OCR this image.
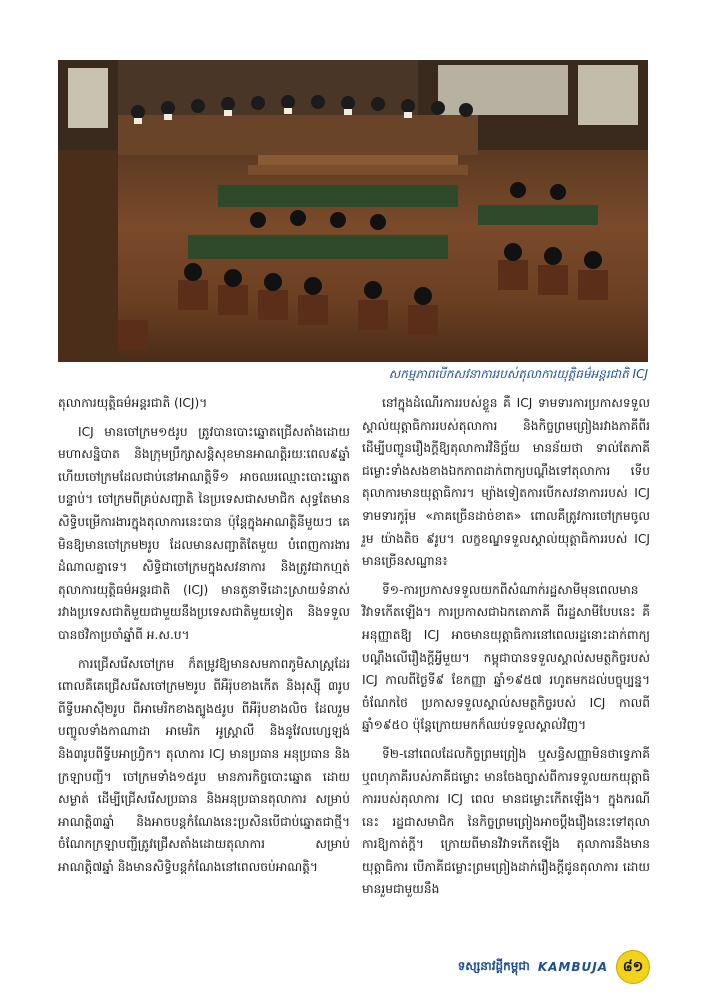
សកម្មភាពបើកសវនាការរបស់តុលាការយុត្តិធម៌អន្តរជាតិ ICJ

តុលាការយុត្តិធម៌អន្តរជាតិ (ICJ)។

ICJ មានចៅក្រម១៥រូប ត្រូវបានបោះឆ្នោតជ្រើសតាំងដោយមហាសន្និបាត និងក្រុមប្រឹក្សាសន្តិសុខមានអាណត្តិរយៈពេល៩ឆ្នាំ ហើយចៅក្រមដែលជាប់នៅអាណត្តិទី១ អាចឈរឈ្មោះបោះឆ្នោតបន្ទាប់។ ចៅក្រមពីគ្រប់សញ្ជាតិ នៃប្រទេសជាសមាជិក សុទ្ធតែមានសិទ្ធិបម្រើការងារក្នុងតុលាការនេះបាន ប៉ុន្តែក្នុងអាណត្តិនីមួយៗ គេមិនឱ្យមានចៅក្រម២រូប ដែលមានសញ្ជាតិតែមួយ បំពេញការងារដំណាលគ្នាទេ។ សិទ្ធិជាចៅក្រមក្នុងសវនាការ និងត្រូវជាកហ្មត់ តុលាការយុត្តិធម៌អន្តរជាតិ (ICJ) មានតួនាទីដោះស្រាយទំនាស់រវាងប្រទេសជាតិមួយជាមួយនឹងប្រទេសជាតិមួយទៀត និងទទួលបានថវិកាប្រចាំឆ្នាំពី អ.ស.ប។

ការជ្រើសរើសចៅក្រម ក៏តម្រូវឱ្យមានសមភាពភូមិសាស្ត្រដែរ ពោលគឺគេជ្រើសរើសចៅក្រម២រូប ពីអឺរ៉ុបខាងកើត និងរុស្ស៊ី ៣រូប ពីទ្វីបអាស៊ី២រូប ពីអាមេរិកខាងត្បូង៥រូប ពីអឺរ៉ុបខាងលិច ដែលរួមបញ្ចូលទាំងកាណាដា អាមេរិក អូស្ត្រាលី និងនូវែលហ្សេឡង់ និង៣រូបពីទ្វីបអាហ្វ្រិក។ តុលាការ ICJ មានប្រធាន អនុប្រធាន និងក្រឡាបញ្ជី។ ចៅក្រមទាំង១៥រូប មានភារកិច្ចបោះឆ្នោត ដោយសម្ងាត់ ដើម្បីជ្រើសរើសប្រធាន និងអនុប្រធានតុលាការ សម្រាប់អាណត្តិ៣ឆ្នាំ និងអាចបន្តកំណែងនេះប្រសិនបើជាប់ឆ្នោតជាថ្មី។ ចំណែកក្រឡាបញ្ជីត្រូវជ្រើសតាំងដោយតុលាការ សម្រាប់អាណត្តិ៧ឆ្នាំ និងមានសិទ្ធិបន្តកំណែងនៅពេលចប់អាណត្តិ។

នៅក្នុងដំណើរការរបស់ខ្លួន គឺ ICJ ទាមទារការប្រកាសទទួលស្គាល់យុត្តាធិការរបស់តុលាការ និងកិច្ចព្រមព្រៀងរវាងភាគីពីរ ដើម្បីបញ្ជូនរឿងក្ដីឱ្យតុលាការវិនិច្ឆ័យ មានន័យថា ទាល់តែភាគីជម្លោះទាំងសងខាងឯកភាពដាក់ពាក្យបណ្ដឹងទៅតុលាការ ទើបតុលាការមានយុត្តាធិការ។ ម្យ៉ាងទៀតការបើកសវនាការរបស់ ICJ ទាមទារកូរ៉ុម «ភាគច្រើនដាច់ខាត» ពោលគឺត្រូវការចៅក្រមចូលរួម យ៉ាងតិច ៩រូប។ លក្ខខណ្ឌទទួលស្គាល់យុត្តាធិការរបស់ ICJ មានច្រើនសណ្ឋាន៖

ទី១-ការប្រកាសទទួលយកពីសំណាក់រដ្ឋសាមីមុនពេលមានវិវាទកើតឡើង។ ការប្រកាសជាឯកតោភាគី ពីរដ្ឋសាមីបែបនេះ គឺអនុញ្ញាតឱ្យ ICJ អាចមានយុត្តាធិការនៅពេលរដ្ឋនោះដាក់ពាក្យបណ្ដឹងលើរឿងក្ដីអ្វីមួយ។ កម្ពុជាបានទទួលស្គាល់សមត្ថកិច្ចរបស់ ICJ កាលពីថ្ងៃទី៩ ខែកញ្ញា ឆ្នាំ១៩៥៧ រហូតមកដល់បច្ចុប្បន្ន។ ចំណែកថៃ ប្រកាសទទួលស្គាល់សមត្ថកិច្ចរបស់ ICJ កាលពី ឆ្នាំ១៩៥០ ប៉ុន្តែក្រោយមកក៏ឈប់ទទួលស្គាល់វិញ។

ទី២-នៅពេលដែលកិច្ចព្រមព្រៀង ឬសន្ធិសញ្ញាមិនថាទ្វេភាគី ឬពហុភាគីរបស់ភាគីជម្លោះ មានចែងច្បាស់ពីការទទួលយកយុត្តាធិការរបស់តុលាការ ICJ ពេល មានជម្លោះកើតឡើង។ ក្នុងករណីនេះ រដ្ឋជាសមាជិក នៃកិច្ចព្រមព្រៀងអាចប្ដឹងរឿងនេះទៅតុលាការឱ្យកាត់ក្ដី។ ក្រោយពីមានវិវាទកើតឡើង តុលាការនឹងមាន យុត្តាធិការ បើភាគីជម្លោះព្រមព្រៀងដាក់រឿងក្ដីជូនតុលាការ ដោយមានរួមជាមួយនឹង

ទស្សនាវដ្ដីកម្ពុជា KAMBUJA	៨១
